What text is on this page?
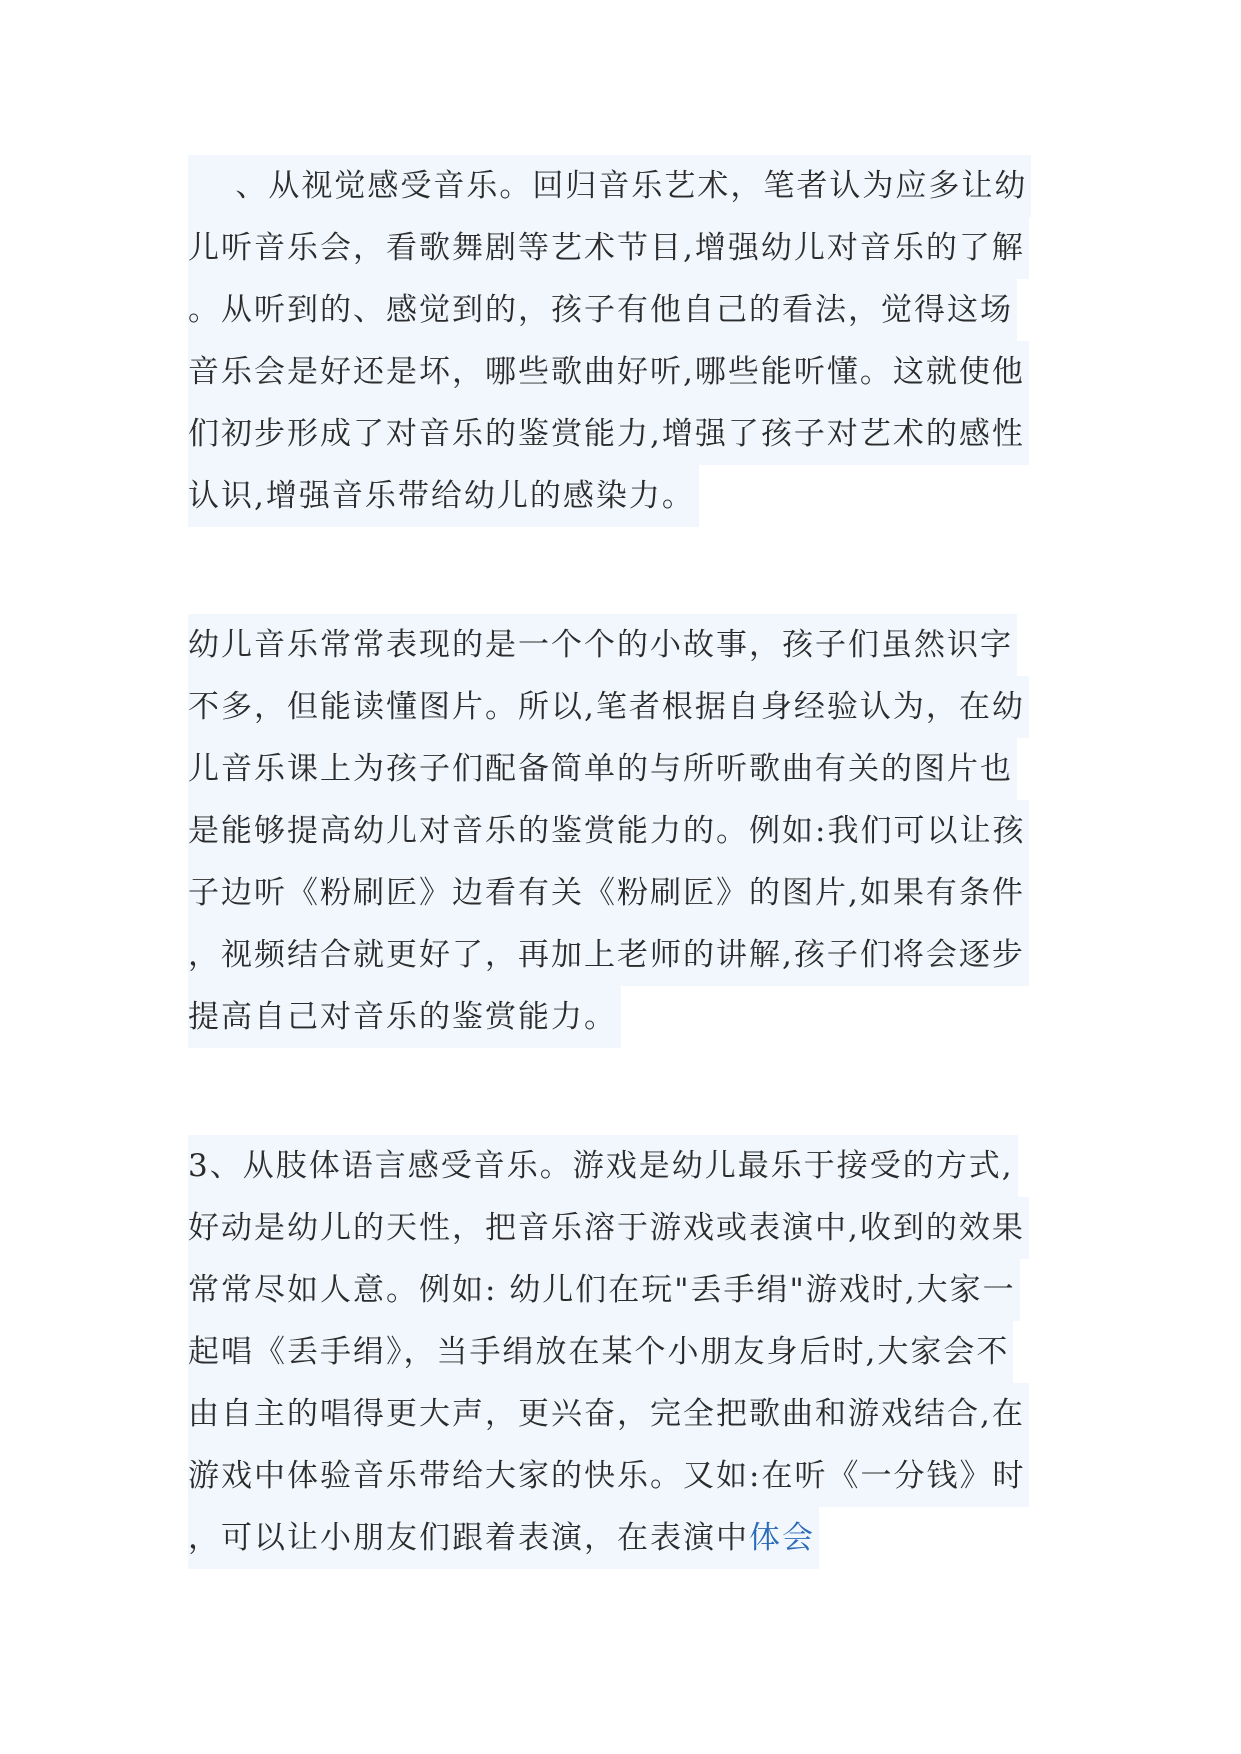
、从视觉感受音乐。回归音乐艺术，笔者认为应多让幼
儿听音乐会，看歌舞剧等艺术节目,增强幼儿对音乐的了解
。从听到的、感觉到的，孩子有他自己的看法，觉得这场
音乐会是好还是坏，哪些歌曲好听,哪些能听懂。这就使他
们初步形成了对音乐的鉴赏能力,增强了孩子对艺术的感性
认识,增强音乐带给幼儿的感染力。
幼儿音乐常常表现的是一个个的小故事，孩子们虽然识字
不多，但能读懂图片。所以,笔者根据自身经验认为，在幼
儿音乐课上为孩子们配备简单的与所听歌曲有关的图片也
是能够提高幼儿对音乐的鉴赏能力的。例如:我们可以让孩
子边听《粉刷匠》边看有关《粉刷匠》的图片,如果有条件
，视频结合就更好了，再加上老师的讲解,孩子们将会逐步
提高自己对音乐的鉴赏能力。
3、从肢体语言感受音乐。游戏是幼儿最乐于接受的方式,
好动是幼儿的天性，把音乐溶于游戏或表演中,收到的效果
常常尽如人意。例如: 幼儿们在玩"丢手绢"游戏时,大家一
起唱《丢手绢》，当手绢放在某个小朋友身后时,大家会不
由自主的唱得更大声，更兴奋，完全把歌曲和游戏结合,在
游戏中体验音乐带给大家的快乐。又如:在听《一分钱》时
，可以让小朋友们跟着表演，在表演中体会
